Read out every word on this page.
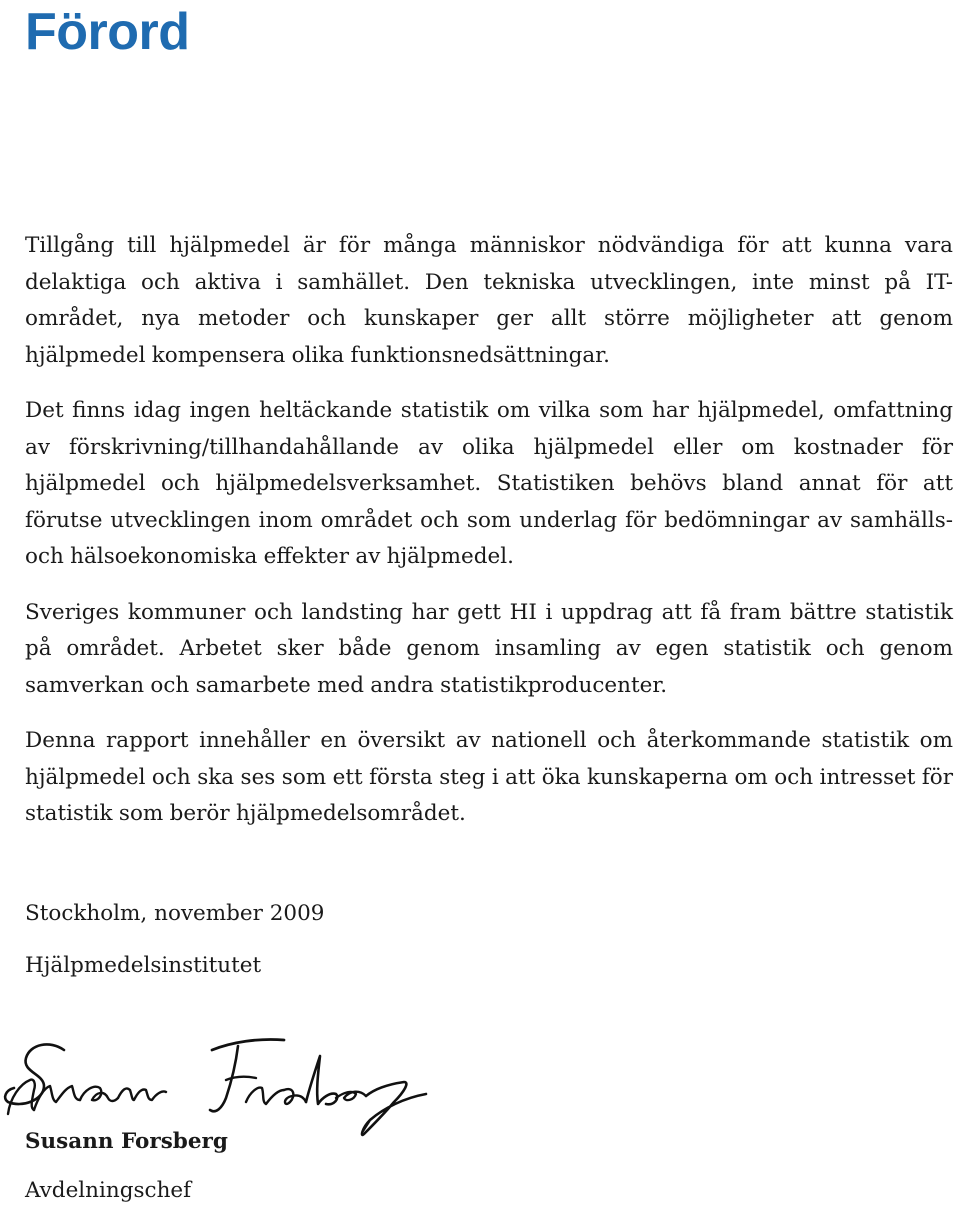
Förord

Tillgång till hjälpmedel är för många människor nödvändiga för att kunna vara delaktiga och aktiva i samhället. Den tekniska utvecklingen, inte minst på IT-området, nya metoder och kunskaper ger allt större möjligheter att genom hjälpmedel kompensera olika funktionsnedsättningar.

Det finns idag ingen heltäckande statistik om vilka som har hjälpmedel, omfattning av förskrivning/tillhandahållande av olika hjälpmedel eller om kostnader för hjälpmedel och hjälpmedelsverksamhet. Statistiken behövs bland annat för att förutse utvecklingen inom området och som underlag för bedömningar av samhälls- och hälsoekonomiska effekter av hjälpmedel.

Sveriges kommuner och landsting har gett HI i uppdrag att få fram bättre statistik på området. Arbetet sker både genom insamling av egen statistik och genom samverkan och samarbete med andra statistikproducenter.

Denna rapport innehåller en översikt av nationell och återkommande statistik om hjälpmedel och ska ses som ett första steg i att öka kunskaperna om och intresset för statistik som berör hjälpmedelsområdet.

Stockholm, november 2009

Hjälpmedelsinstitutet

Susann Forsberg

Avdelningschef
